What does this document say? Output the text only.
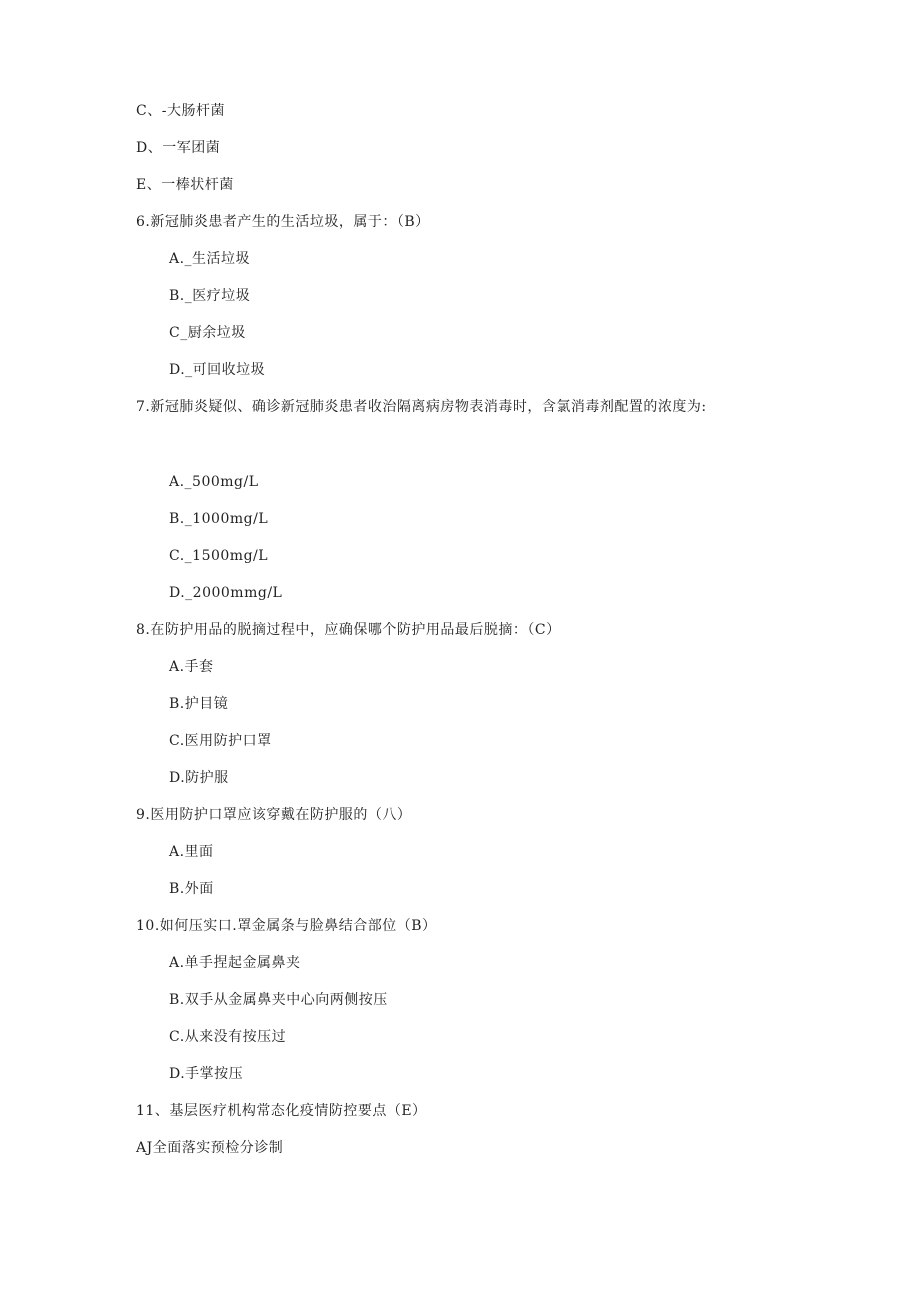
C、-大肠杆菌
D、一军团菌
E、一棒状杆菌
6.新冠肺炎患者产生的生活垃圾，属于：（B）
A._生活垃圾
B._医疗垃圾
C_厨余垃圾
D._可回收垃圾
7.新冠肺炎疑似、确诊新冠肺炎患者收治隔离病房物表消毒时，含氯消毒剂配置的浓度为:
A._500mg/L
B._1000mg/L
C._1500mg/L
D._2000mmg/L
8.在防护用品的脱摘过程中，应确保哪个防护用品最后脱摘：（C）
A.手套
B.护目镜
C.医用防护口罩
D.防护服
9.医用防护口罩应该穿戴在防护服的（八）
A.里面
B.外面
10.如何压实口.罩金属条与脸鼻结合部位（B）
A.单手捏起金属鼻夹
B.双手从金属鼻夹中心向两侧按压
C.从来没有按压过
D.手掌按压
11、基层医疗机构常态化疫情防控要点（E）
AJ全面落实预检分诊制
